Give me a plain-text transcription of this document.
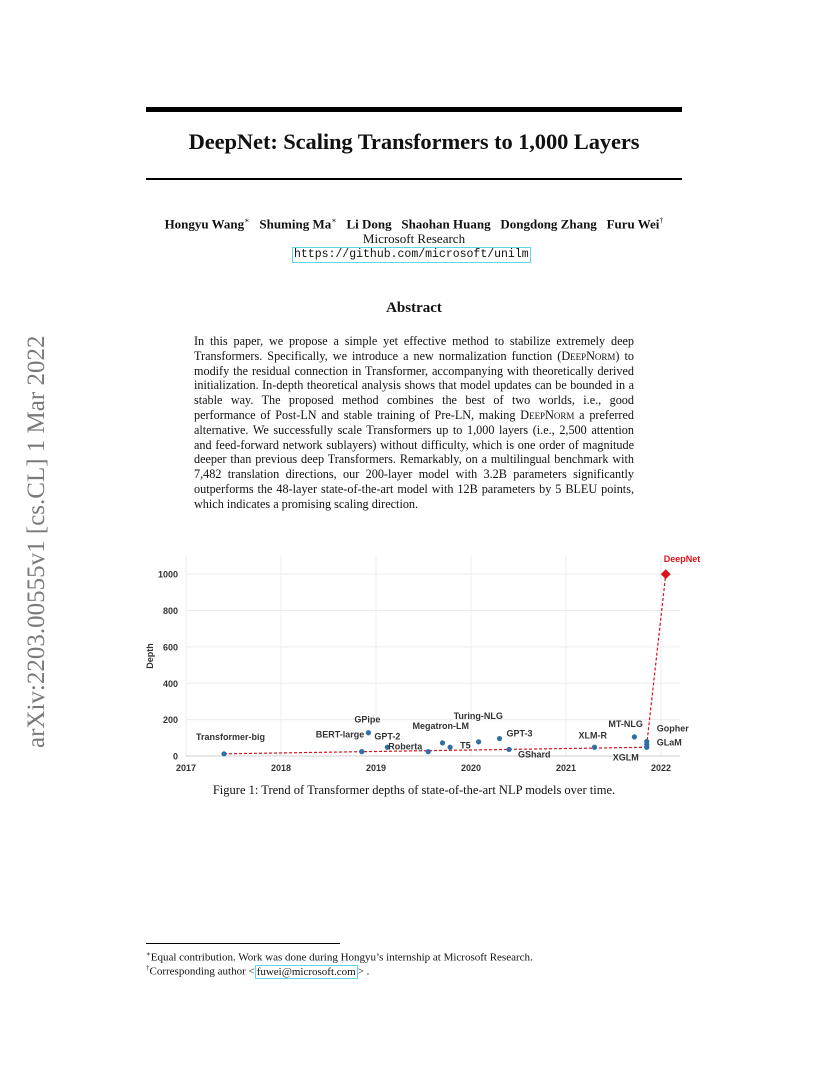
arXiv:2203.00555v1 [cs.CL] 1 Mar 2022
DeepNet: Scaling Transformers to 1,000 Layers
Hongyu Wang∗ Shuming Ma∗ Li Dong Shaohan Huang Dongdong Zhang Furu Wei†
Microsoft Research
https://github.com/microsoft/unilm
Abstract
In this paper, we propose a simple yet effective method to stabilize extremely deep Transformers. Specifically, we introduce a new normalization function (DeepNorm) to modify the residual connection in Transformer, accompanying with theoretically derived initialization. In-depth theoretical analysis shows that model updates can be bounded in a stable way. The proposed method combines the best of two worlds, i.e., good performance of Post-LN and stable training of Pre-LN, making DeepNorm a preferred alternative. We successfully scale Transformers up to 1,000 layers (i.e., 2,500 attention and feed-forward network sublayers) without difficulty, which is one order of magnitude deeper than previous deep Transformers. Remarkably, on a multilingual benchmark with 7,482 translation directions, our 200-layer model with 3.2B parameters significantly outperforms the 48-layer state-of-the-art model with 12B parameters by 5 BLEU points, which indicates a promising scaling direction.
0
200
400
600
800
1000
2017	2018	2019	2020	2021	2022
Depth
Transformer-big	BERT-large
GPipe
GPT-2
Megatron-LM
Roberta	T5
Turing-NLG
GPT-3
GShard
XLM-R
MT-NLG Gopher
GLaM
XGLM
DeepNet
Figure 1: Trend of Transformer depths of state-of-the-art NLP models over time.
∗Equal contribution. Work was done during Hongyu’s internship at Microsoft Research.
†Corresponding author < fuwei@microsoft.com > .
